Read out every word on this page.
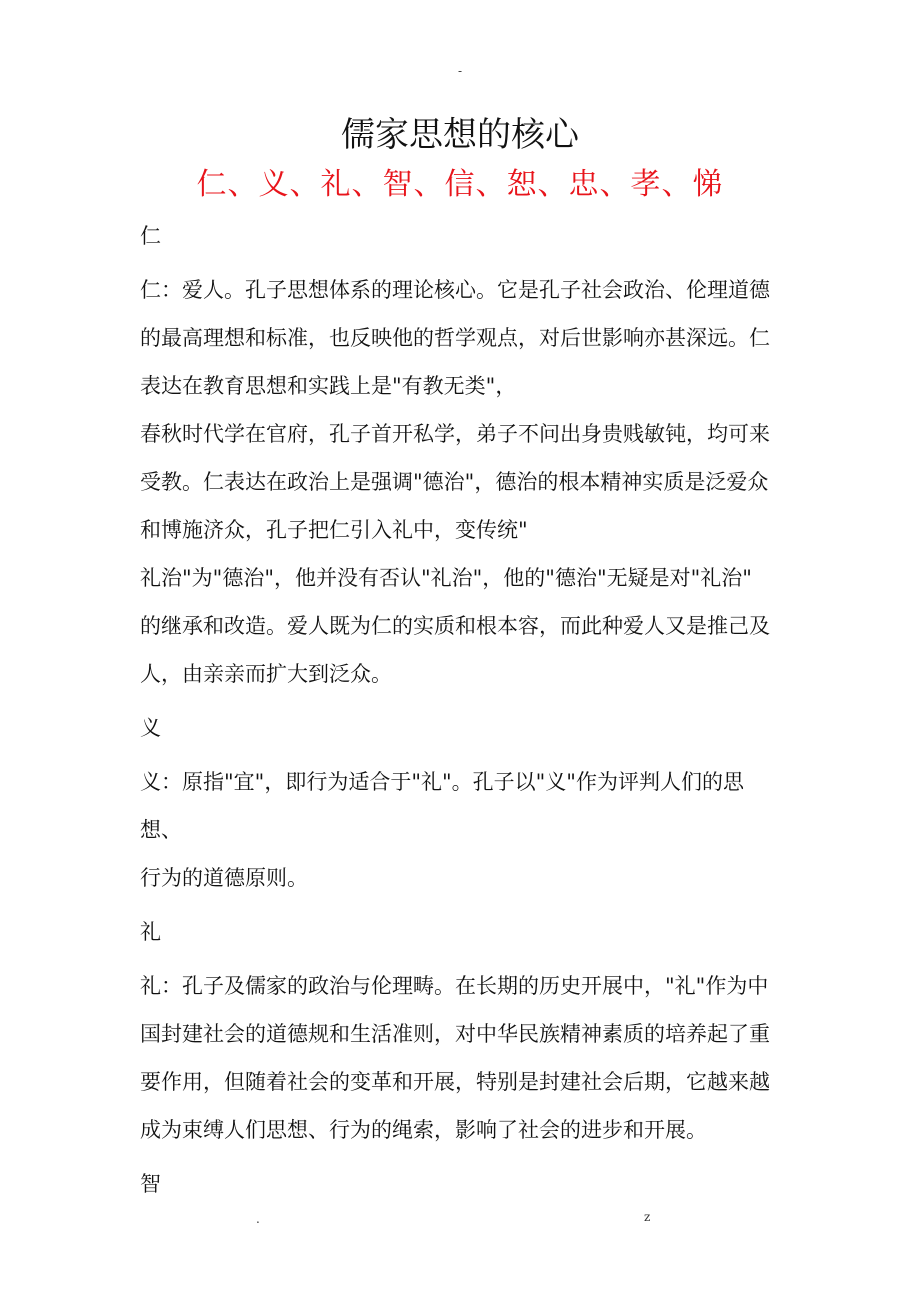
-
儒家思想的核心
仁、义、礼、智、信、恕、忠、孝、悌

仁

仁：爱人。孔子思想体系的理论核心。它是孔子社会政治、伦理道德

的最高理想和标准，也反映他的哲学观点，对后世影响亦甚深远。仁

表达在教育思想和实践上是"有教无类"，

春秋时代学在官府，孔子首开私学，弟子不问出身贵贱敏钝，均可来

受教。仁表达在政治上是强调"德治"，德治的根本精神实质是泛爱众

和博施济众，孔子把仁引入礼中，变传统"

礼治"为"德治"，他并没有否认"礼治"，他的"德治"无疑是对"礼治"

的继承和改造。爱人既为仁的实质和根本容，而此种爱人又是推己及

人，由亲亲而扩大到泛众。

义

义：原指"宜"，即行为适合于"礼"。孔子以"义"作为评判人们的思想、

行为的道德原则。

礼

礼：孔子及儒家的政治与伦理畴。在长期的历史开展中，"礼"作为中

国封建社会的道德规和生活准则，对中华民族精神素质的培养起了重

要作用，但随着社会的变革和开展，特别是封建社会后期，它越来越

成为束缚人们思想、行为的绳索，影响了社会的进步和开展。

智

.	z
